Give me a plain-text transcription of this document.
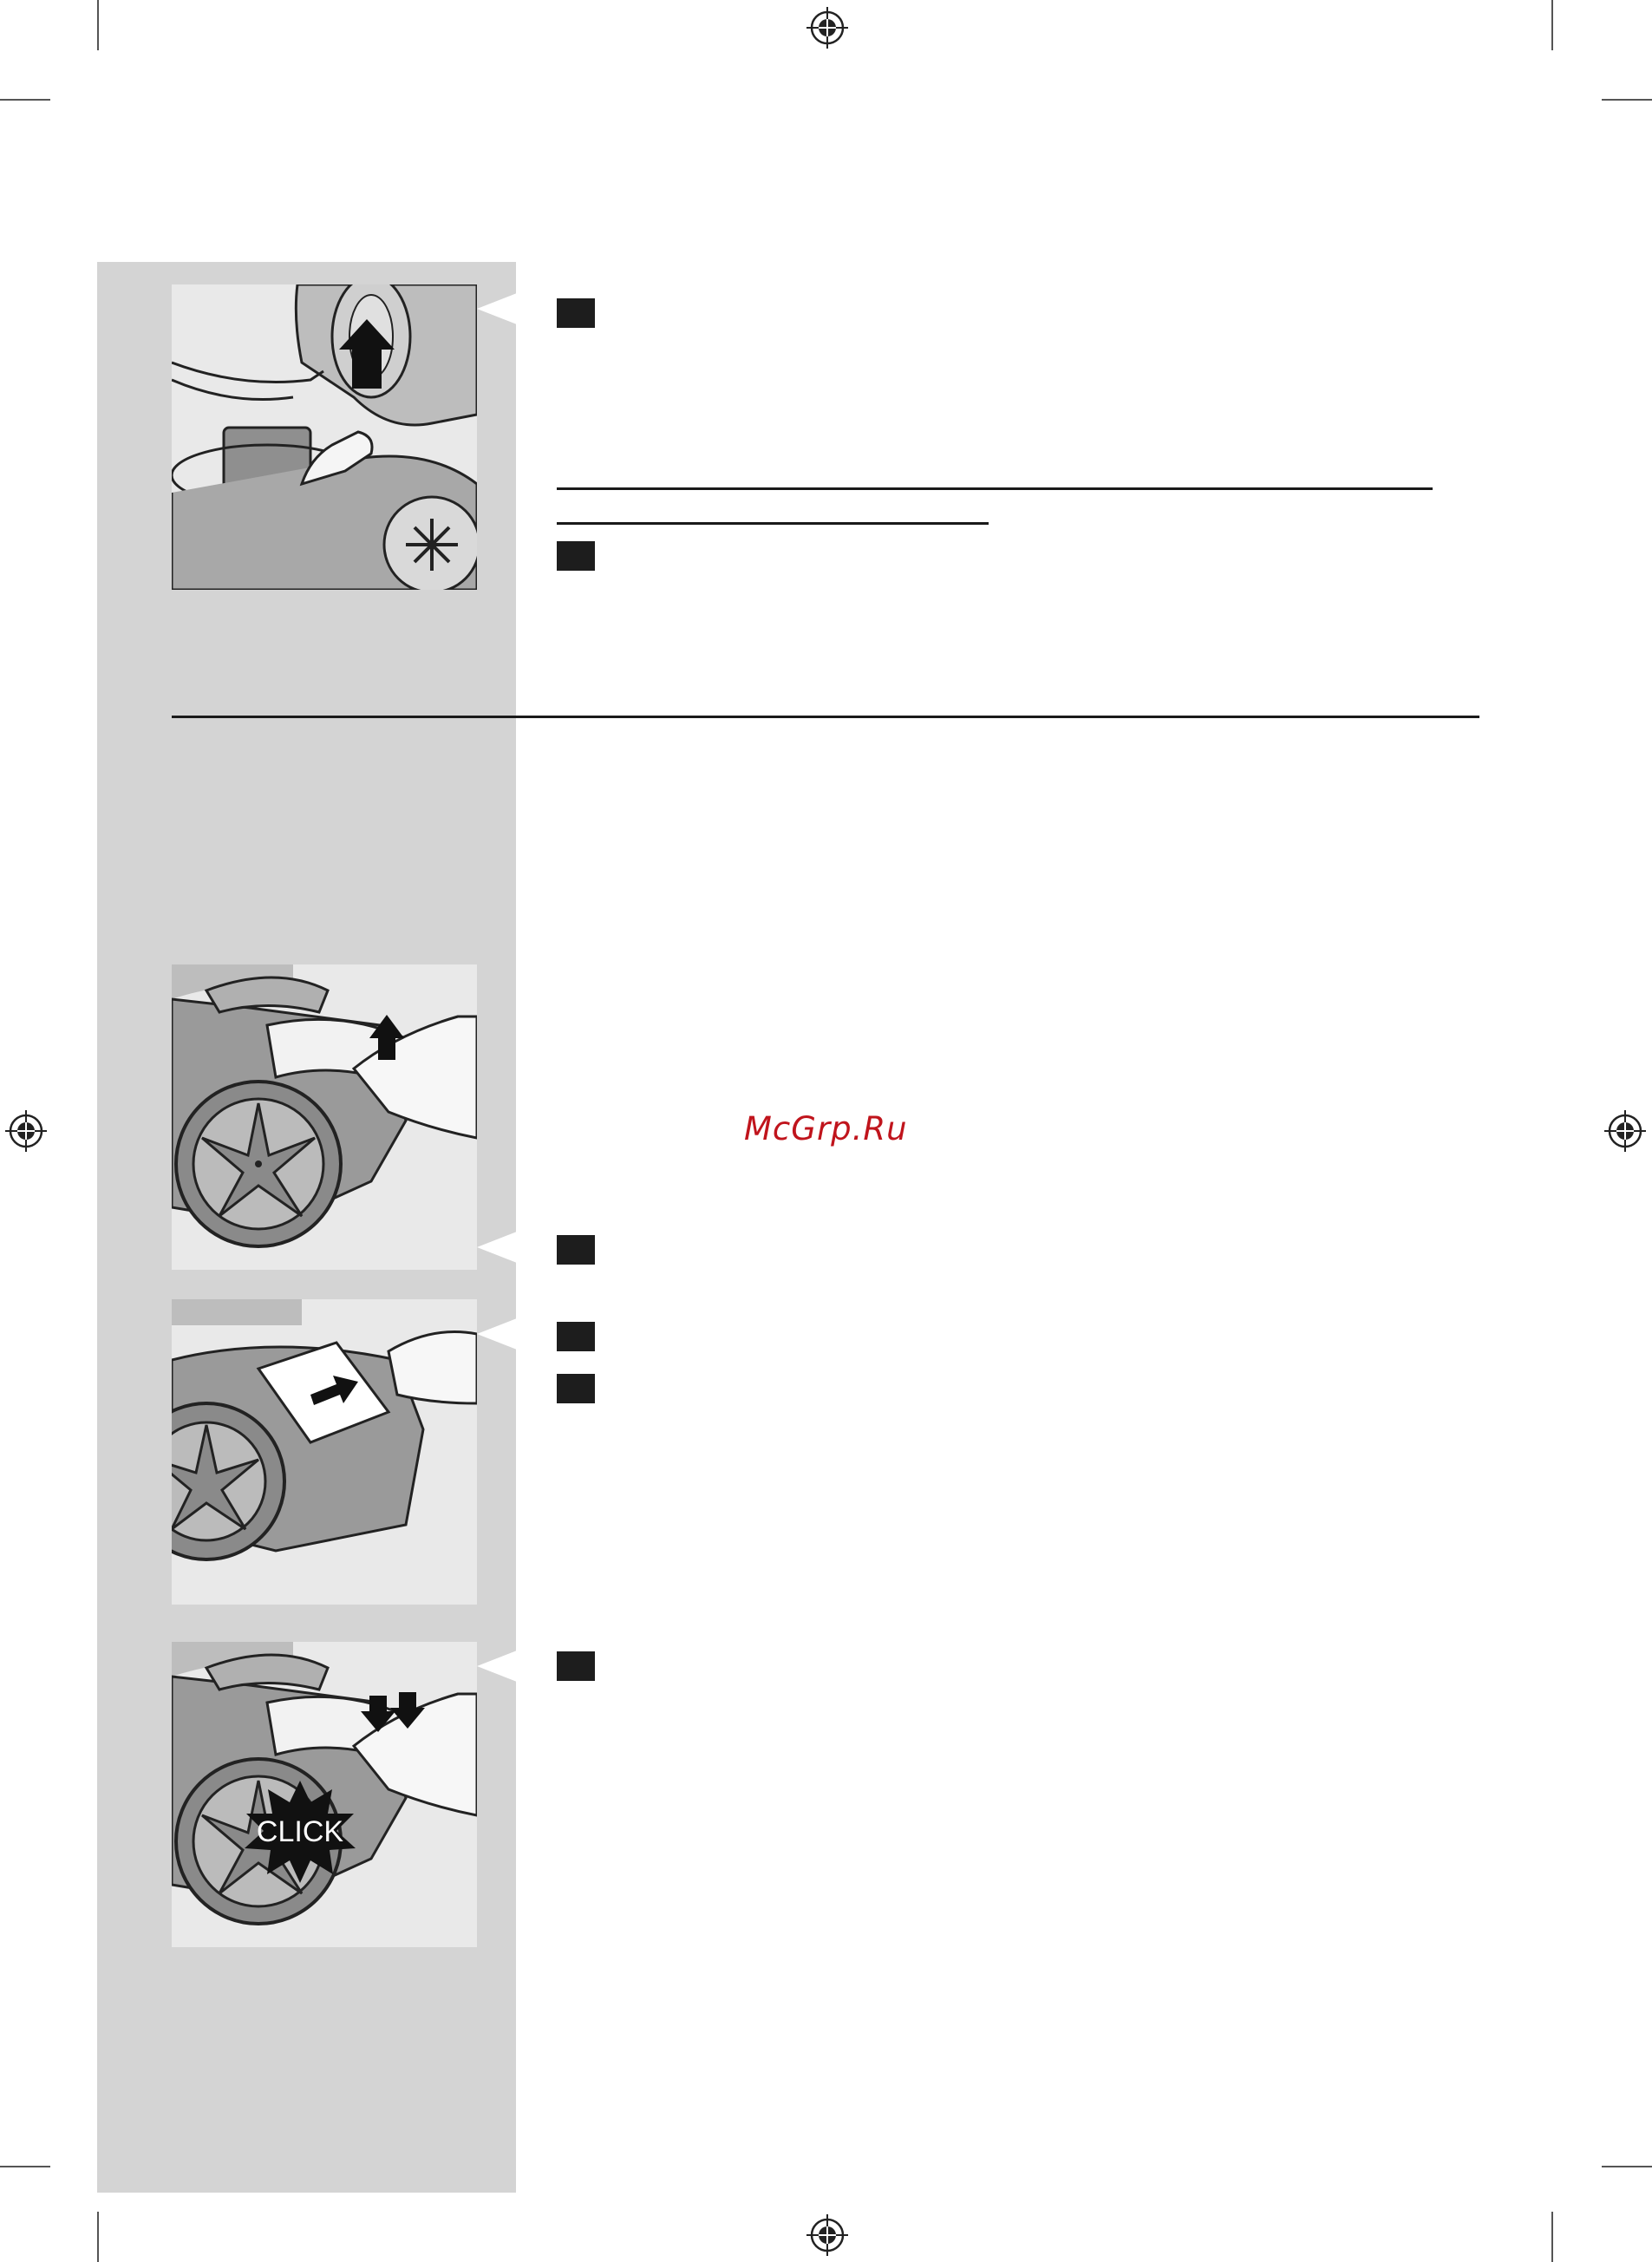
CLICK
McGrp.Ru
